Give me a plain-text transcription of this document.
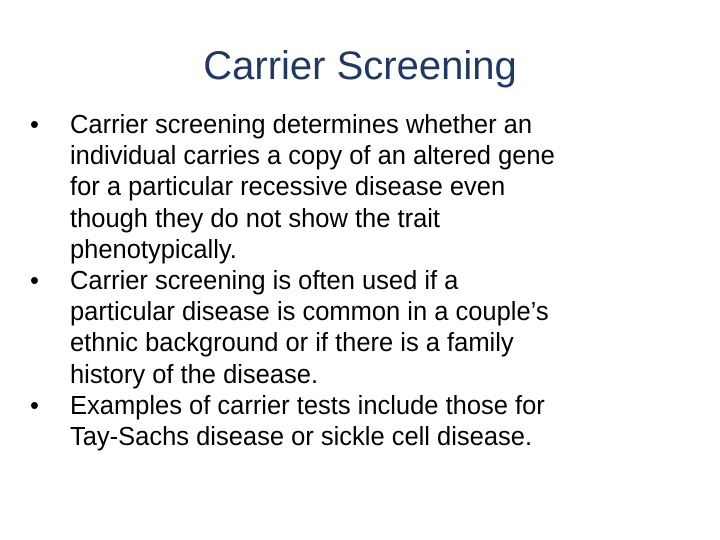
Carrier Screening
•	Carrier screening determines whether an
individual carries a copy of an altered gene
for a particular recessive disease even
though they do not show the trait
phenotypically.
•	Carrier screening is often used if a
particular disease is common in a couple’s
ethnic background or if there is a family
history of the disease.
•	Examples of carrier tests include those for
Tay-Sachs disease or sickle cell disease.
